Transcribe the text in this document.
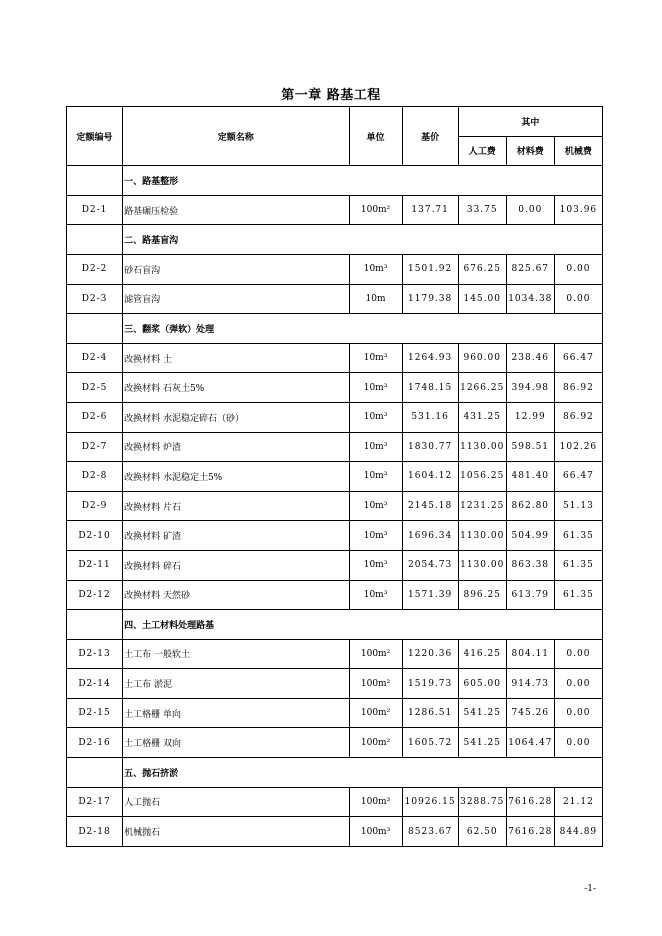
第一章 路基工程
定额编号	定额名称	单位	基价	其中		
				人工费	材料费	机械费
	一、路基整形					
D2-1	路基碾压检验	100m²	137.71	33.75	0.00	103.96
	二、路基盲沟					
D2-2	砂石盲沟	10m³	1501.92	676.25	825.67	0.00
D2-3	滤管盲沟	10m	1179.38	145.00	1034.38	0.00
	三、翻浆（弹软）处理					
D2-4	改换材料 土	10m³	1264.93	960.00	238.46	66.47
D2-5	改换材料 石灰土5%	10m³	1748.15	1266.25	394.98	86.92
D2-6	改换材料 水泥稳定碎石（砂）	10m³	531.16	431.25	12.99	86.92
D2-7	改换材料 炉渣	10m³	1830.77	1130.00	598.51	102.26
D2-8	改换材料 水泥稳定土5%	10m³	1604.12	1056.25	481.40	66.47
D2-9	改换材料 片石	10m³	2145.18	1231.25	862.80	51.13
D2-10	改换材料 矿渣	10m³	1696.34	1130.00	504.99	61.35
D2-11	改换材料 碎石	10m³	2054.73	1130.00	863.38	61.35
D2-12	改换材料 天然砂	10m³	1571.39	896.25	613.79	61.35
	四、土工材料处理路基					
D2-13	土工布 一般软土	100m²	1220.36	416.25	804.11	0.00
D2-14	土工布 淤泥	100m²	1519.73	605.00	914.73	0.00
D2-15	土工格栅 单向	100m²	1286.51	541.25	745.26	0.00
D2-16	土工格栅 双向	100m²	1605.72	541.25	1064.47	0.00
	五、抛石挤淤					
D2-17	人工抛石	100m³	10926.15	3288.75	7616.28	21.12
D2-18	机械抛石	100m³	8523.67	62.50	7616.28	844.89
-1-
